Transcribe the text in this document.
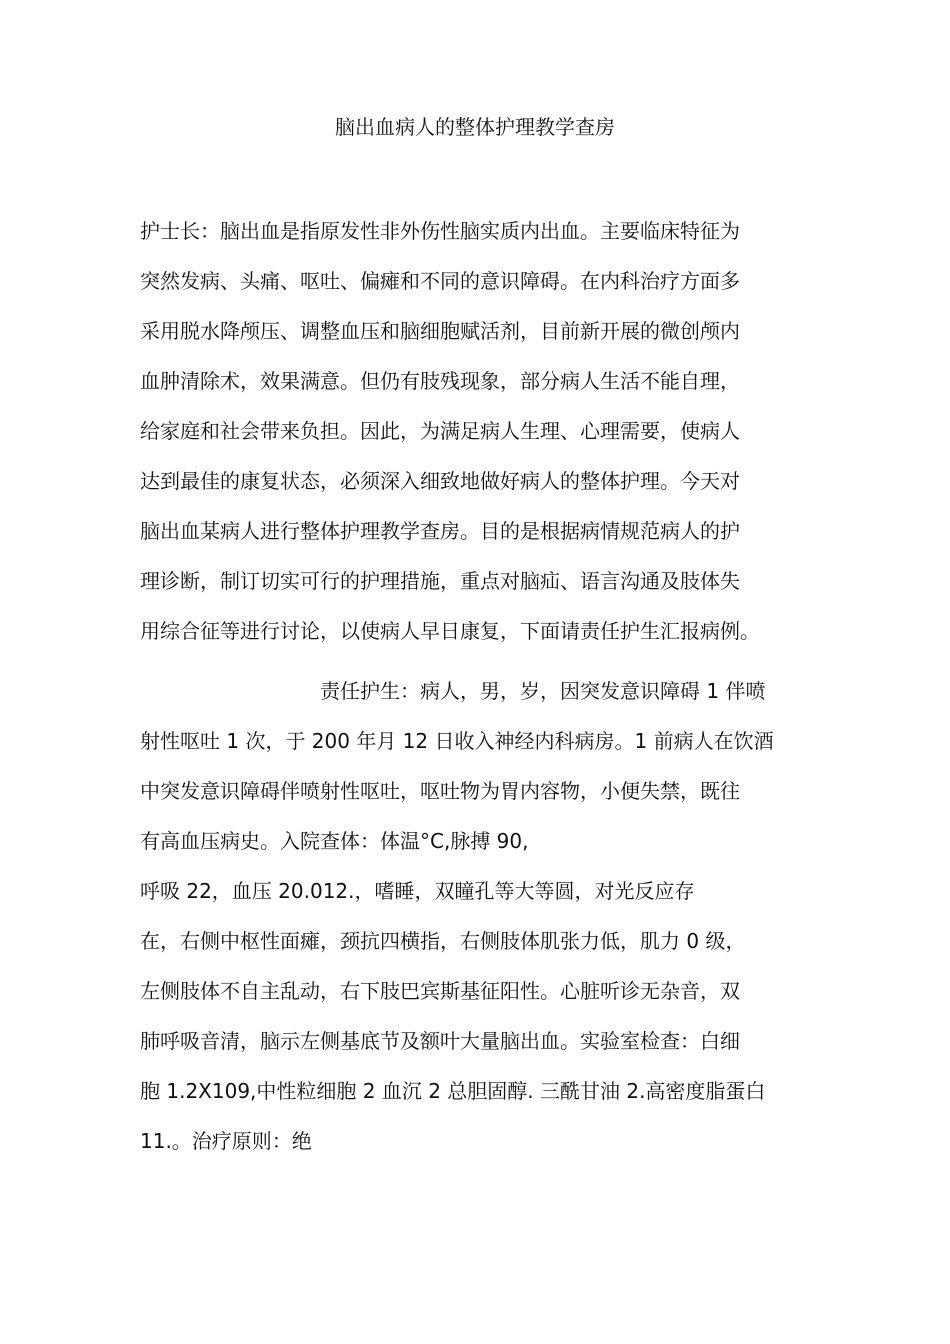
脑出血病人的整体护理教学查房
护士长：脑出血是指原发性非外伤性脑实质内出血。主要临床特征为
突然发病、头痛、呕吐、偏瘫和不同的意识障碍。在内科治疗方面多
采用脱水降颅压、调整血压和脑细胞赋活剂，目前新开展的微创颅内
血肿清除术，效果满意。但仍有肢残现象，部分病人生活不能自理，
给家庭和社会带来负担。因此，为满足病人生理、心理需要，使病人
达到最佳的康复状态，必须深入细致地做好病人的整体护理。今天对
脑出血某病人进行整体护理教学查房。目的是根据病情规范病人的护
理诊断，制订切实可行的护理措施，重点对脑疝、语言沟通及肢体失
用综合征等进行讨论，以使病人早日康复，下面请责任护生汇报病例。
责任护生：病人，男，岁，因突发意识障碍 1 伴喷
射性呕吐 1 次，于 200 年月 12 日收入神经内科病房。1 前病人在饮酒
中突发意识障碍伴喷射性呕吐，呕吐物为胃内容物，小便失禁，既往
有高血压病史。入院查体：体温°C,脉搏 90,
呼吸 22，血压 20.012.，嗜睡，双瞳孔等大等圆，对光反应存
在，右侧中枢性面瘫，颈抗四横指，右侧肢体肌张力低，肌力 0 级，
左侧肢体不自主乱动，右下肢巴宾斯基征阳性。心脏听诊无杂音，双
肺呼吸音清，脑示左侧基底节及额叶大量脑出血。实验室检查：白细
胞 1.2X109,中性粒细胞 2 血沉 2 总胆固醇. 三酰甘油 2.高密度脂蛋白
11.。治疗原则：绝
